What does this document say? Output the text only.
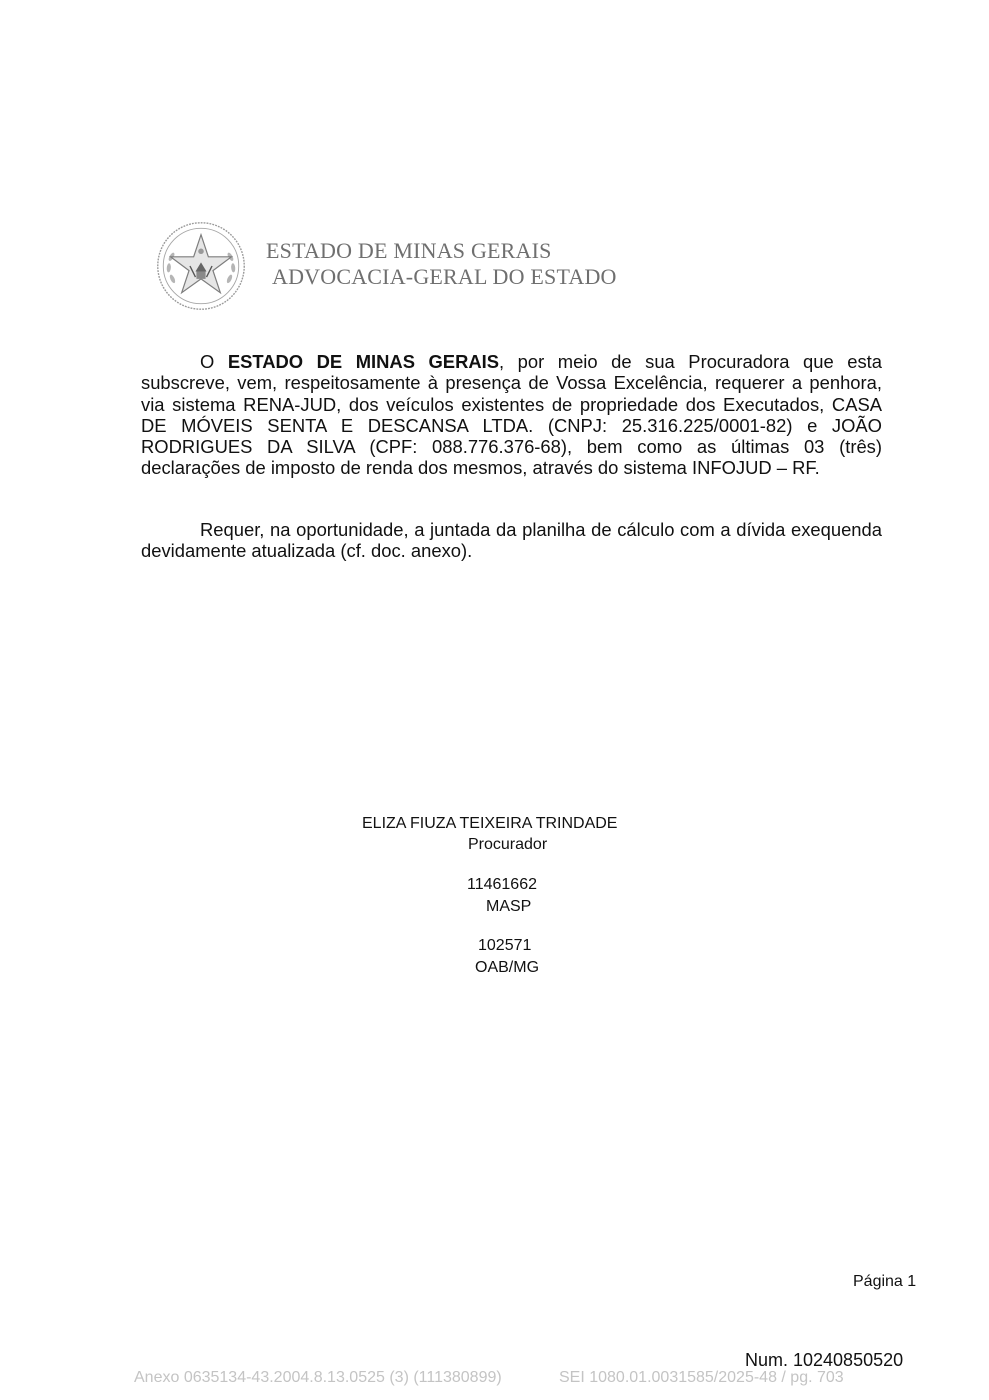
ESTADO DE MINAS GERAIS
ADVOCACIA-GERAL DO ESTADO
O ESTADO DE MINAS GERAIS, por meio de sua Procuradora que esta subscreve, vem, respeitosamente à presença de Vossa Excelência, requerer a penhora, via sistema RENA-JUD, dos veículos existentes de propriedade dos Executados, CASA DE MÓVEIS SENTA E DESCANSA LTDA. (CNPJ: 25.316.225/0001-82) e JOÃO RODRIGUES DA SILVA (CPF: 088.776.376-68), bem como as últimas 03 (três) declarações de imposto de renda dos mesmos, através do sistema INFOJUD – RF.
Requer, na oportunidade, a juntada da planilha de cálculo com a dívida exequenda devidamente atualizada (cf. doc. anexo).
ELIZA FIUZA TEIXEIRA TRINDADE
Procurador
11461662
MASP
102571
OAB/MG
Página 1
Num. 10240850520
Anexo 0635134-43.2004.8.13.0525 (3) (111380899)	SEI 1080.01.0031585/2025-48 / pg. 703
